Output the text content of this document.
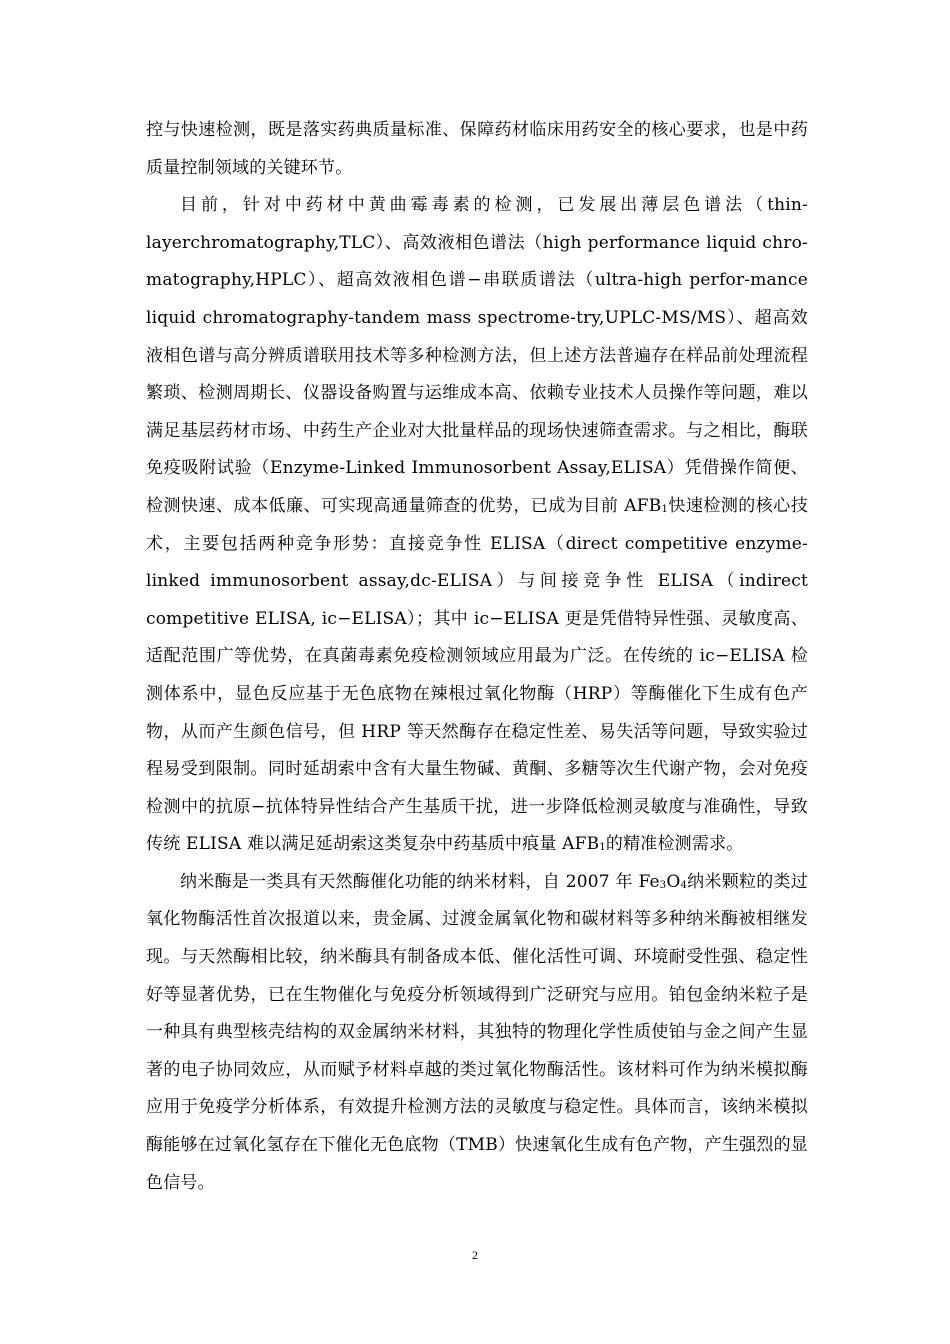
控与快速检测，既是落实药典质量标准、保障药材临床用药安全的核心要求，也是中药质量控制领域的关键环节。

目前，针对中药材中黄曲霉毒素的检测，已发展出薄层色谱法（thin-layerchromatography,TLC）、高效液相色谱法（high performance liquid chro-matography,HPLC）、超高效液相色谱−串联质谱法（ultra-high perfor-mance liquid chromatography-tandem mass spectrome-try,UPLC-MS/MS）、超高效液相色谱与高分辨质谱联用技术等多种检测方法，但上述方法普遍存在样品前处理流程繁琐、检测周期长、仪器设备购置与运维成本高、依赖专业技术人员操作等问题，难以满足基层药材市场、中药生产企业对大批量样品的现场快速筛查需求。与之相比，酶联免疫吸附试验（Enzyme-Linked Immunosorbent Assay,ELISA）凭借操作简便、检测快速、成本低廉、可实现高通量筛查的优势，已成为目前 $AFB_1$快速检测的核心技术，主要包括两种竞争形势：直接竞争性 ELISA（direct competitive enzyme-linked immunosorbent assay,dc-ELISA）与间接竞争性 ELISA（indirect competitive ELISA, ic−ELISA）；其中 ic−ELISA 更是凭借特异性强、灵敏度高、适配范围广等优势，在真菌毒素免疫检测领域应用最为广泛。在传统的 ic−ELISA 检测体系中，显色反应基于无色底物在辣根过氧化物酶（HRP）等酶催化下生成有色产物，从而产生颜色信号，但 HRP 等天然酶存在稳定性差、易失活等问题，导致实验过程易受到限制。同时延胡索中含有大量生物碱、黄酮、多糖等次生代谢产物，会对免疫检测中的抗原−抗体特异性结合产生基质干扰，进一步降低检测灵敏度与准确性，导致传统 ELISA 难以满足延胡索这类复杂中药基质中痕量 $AFB_1$的精准检测需求。

纳米酶是一类具有天然酶催化功能的纳米材料，自 2007 年 $Fe_3O_4$纳米颗粒的类过氧化物酶活性首次报道以来，贵金属、过渡金属氧化物和碳材料等多种纳米酶被相继发现。与天然酶相比较，纳米酶具有制备成本低、催化活性可调、环境耐受性强、稳定性好等显著优势，已在生物催化与免疫分析领域得到广泛研究与应用。铂包金纳米粒子是一种具有典型核壳结构的双金属纳米材料，其独特的物理化学性质使铂与金之间产生显著的电子协同效应，从而赋予材料卓越的类过氧化物酶活性。该材料可作为纳米模拟酶应用于免疫学分析体系，有效提升检测方法的灵敏度与稳定性。具体而言，该纳米模拟酶能够在过氧化氢存在下催化无色底物（TMB）快速氧化生成有色产物，产生强烈的显色信号。

2
